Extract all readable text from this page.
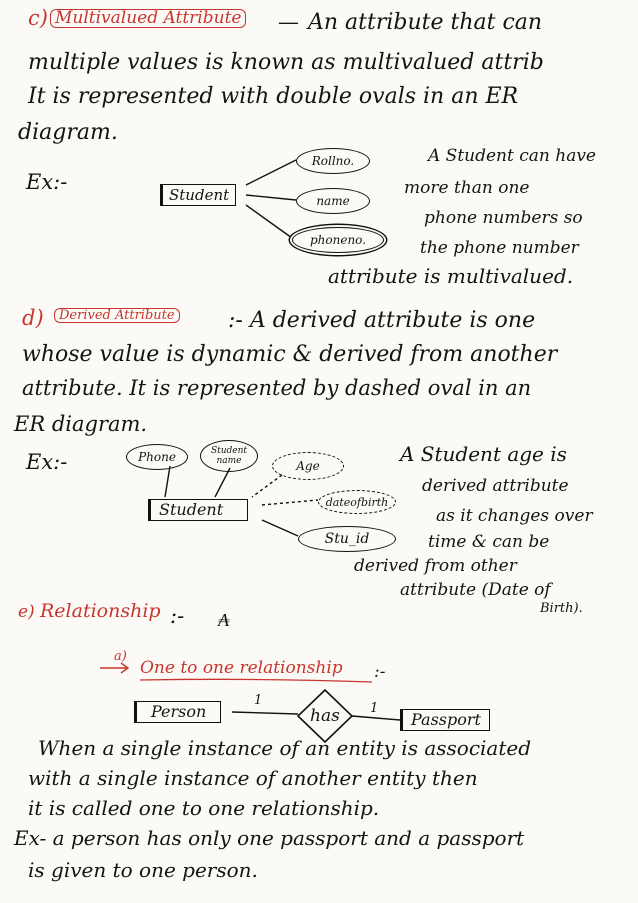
₳
c) Multivalued Attribute — An attribute that can
multiple values is known as multivalued attrib
It is represented with double ovals in an ER
diagram.
Ex:-
Student
Rollno.
name
phoneno.
A Student can have
more than one
phone numbers so
the phone number
attribute is multivalued.
d)	Derived Attribute :- A derived attribute is one
whose value is dynamic & derived from another
attribute. It is represented by dashed oval in an
ER diagram.
Ex:-	Phone	Student name	Age
Student	dateofbirth
Stu_id
A Student age is
derived attribute
as it changes over
time & can be
derived from other
attribute (Date of
Birth).
e) Relationship :-
a)
One to one relationship :-
Person
1
has 1
Passport
When a single instance of an entity is associated
with a single instance of another entity then
it is called one to one relationship.
Ex- a person has only one passport and a passport
is given to one person.
